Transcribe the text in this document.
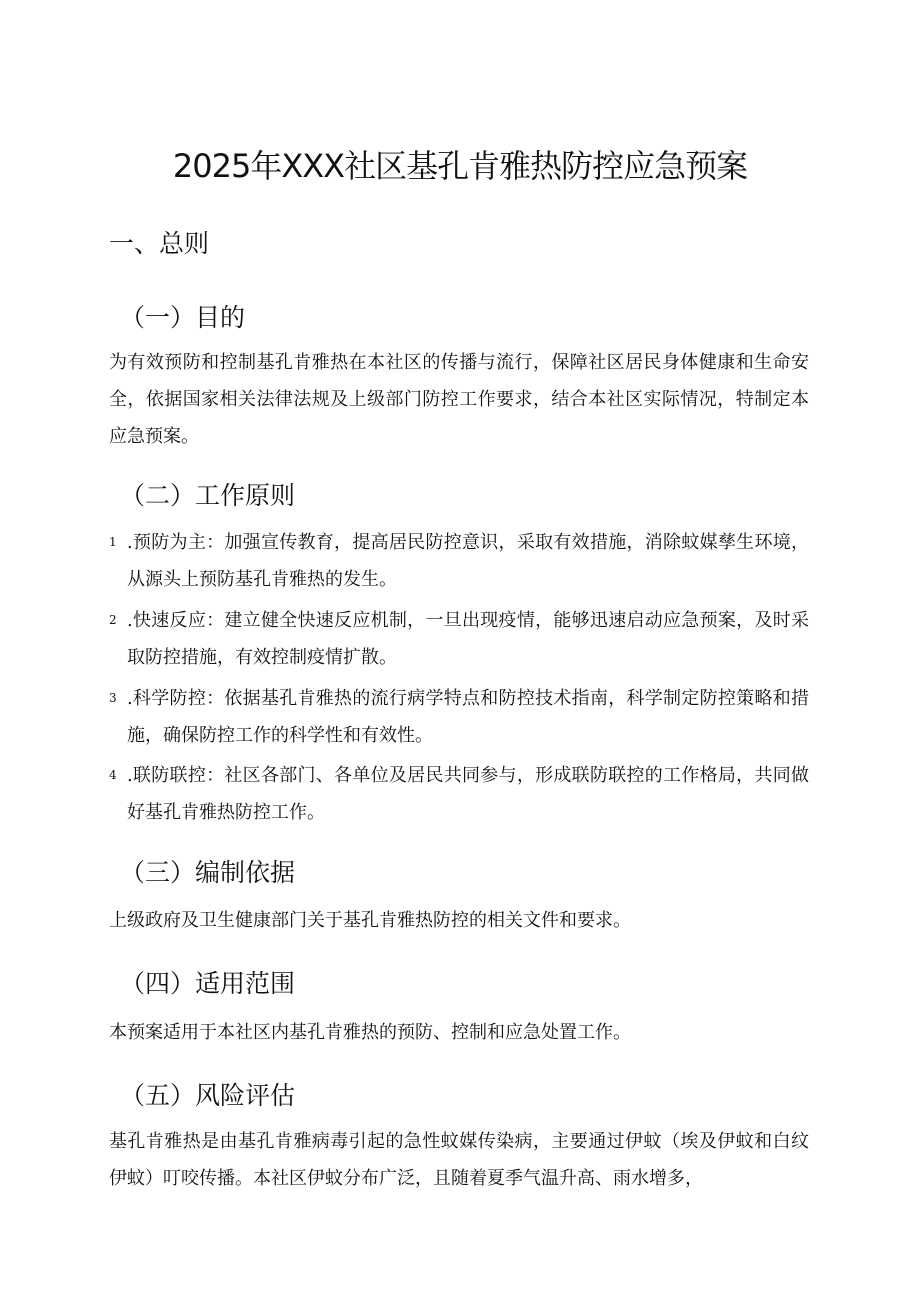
2025年XXX社区基孔肯雅热防控应急预案
一、总则
（一）目的

为有效预防和控制基孔肯雅热在本社区的传播与流行，保障社区居民身体健康和生命安全，依据国家相关法律法规及上级部门防控工作要求，结合本社区实际情况，特制定本应急预案。

（二）工作原则
1 .预防为主：加强宣传教育，提高居民防控意识，采取有效措施，消除蚊媒孳生环境，从源头上预防基孔肯雅热的发生。
2 .快速反应：建立健全快速反应机制，一旦出现疫情，能够迅速启动应急预案，及时采取防控措施，有效控制疫情扩散。
3 .科学防控：依据基孔肯雅热的流行病学特点和防控技术指南，科学制定防控策略和措施，确保防控工作的科学性和有效性。
4 .联防联控：社区各部门、各单位及居民共同参与，形成联防联控的工作格局，共同做好基孔肯雅热防控工作。
（三）编制依据

上级政府及卫生健康部门关于基孔肯雅热防控的相关文件和要求。

（四）适用范围

本预案适用于本社区内基孔肯雅热的预防、控制和应急处置工作。

（五）风险评估

基孔肯雅热是由基孔肯雅病毒引起的急性蚊媒传染病，主要通过伊蚊（埃及伊蚊和白纹伊蚊）叮咬传播。本社区伊蚊分布广泛，且随着夏季气温升高、雨水增多，
